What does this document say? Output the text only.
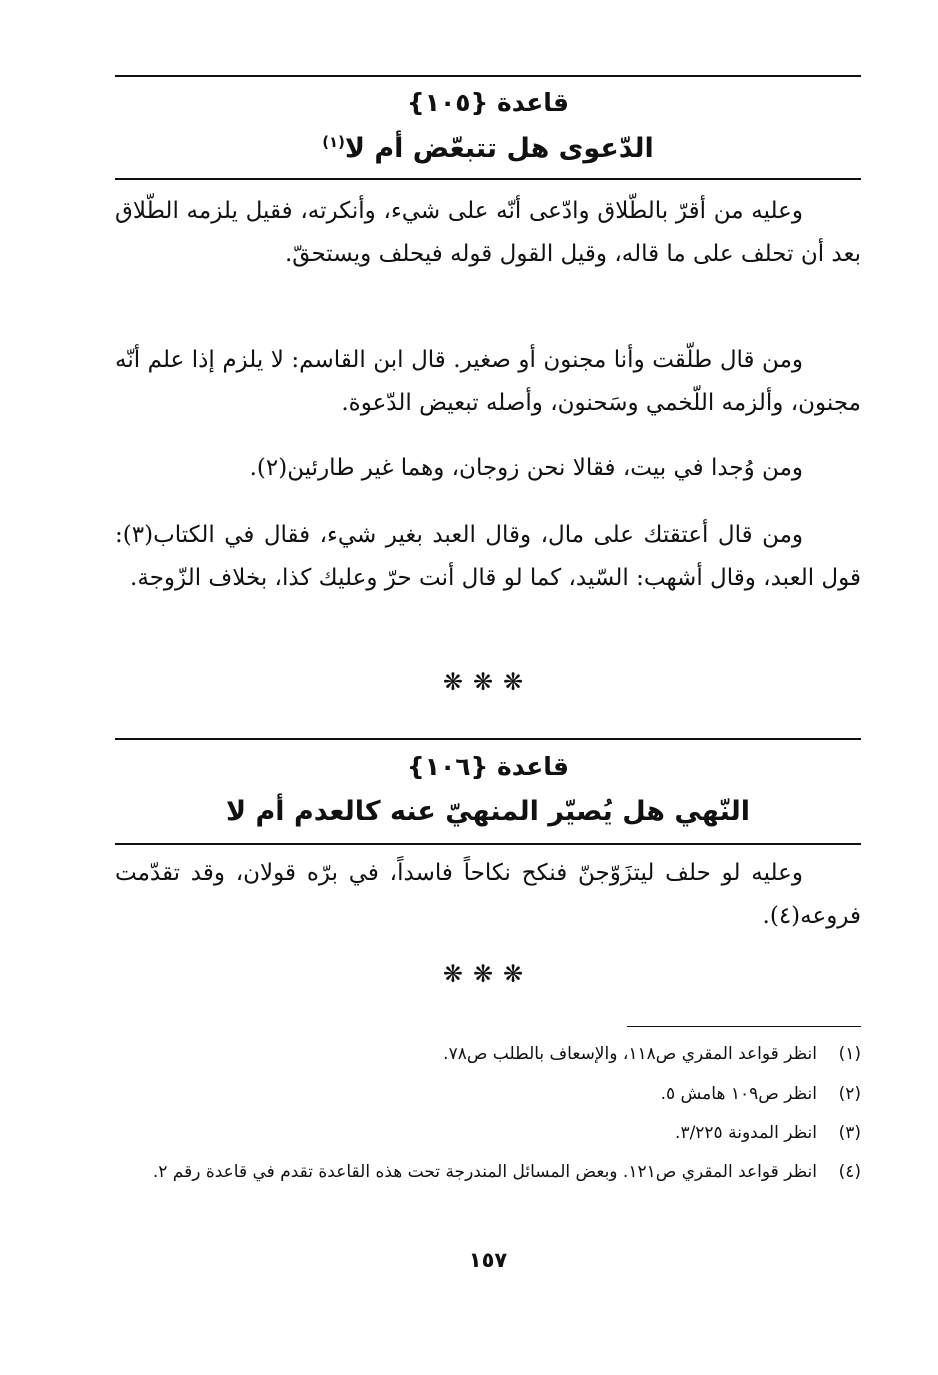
قاعدة {١٠٥}
الدّعوى هل تتبعّض أم لا$^{(١)}$

وعليه من أقرّ بالطّلاق وادّعى أنّه على شيء، وأنكرته، فقيل يلزمه الطّلاق بعد أن تحلف على ما قاله، وقيل القول قوله فيحلف ويستحقّ.

ومن قال طلّقت وأنا مجنون أو صغير. قال ابن القاسم: لا يلزم إذا علم أنّه مجنون، وألزمه اللّخمي وسَحنون، وأصله تبعيض الدّعوة.

ومن وُجدا في بيت، فقالا نحن زوجان، وهما غير طارئين(٢).

ومن قال أعتقتك على مال، وقال العبد بغير شيء، فقال في الكتاب(٣): قول العبد، وقال أشهب: السّيد، كما لو قال أنت حرّ وعليك كذا، بخلاف الزّوجة.

❋❋❋
قاعدة {١٠٦}
النّهي هل يُصيّر المنهيّ عنه كالعدم أم لا

وعليه لو حلف ليتزَوّجنّ فنكح نكاحاً فاسداً، في برّه قولان، وقد تقدّمت فروعه(٤).

❋❋❋
(١)
انظر قواعد المقري ص١١٨، والإسعاف بالطلب ص٧٨.
(٢)
انظر ص١٠٩ هامش ٥.
(٣)
انظر المدونة ٣/٢٢٥.
(٤)
انظر قواعد المقري ص١٢١. وبعض المسائل المندرجة تحت هذه القاعدة تقدم في قاعدة رقم ٢.
١٥٧
